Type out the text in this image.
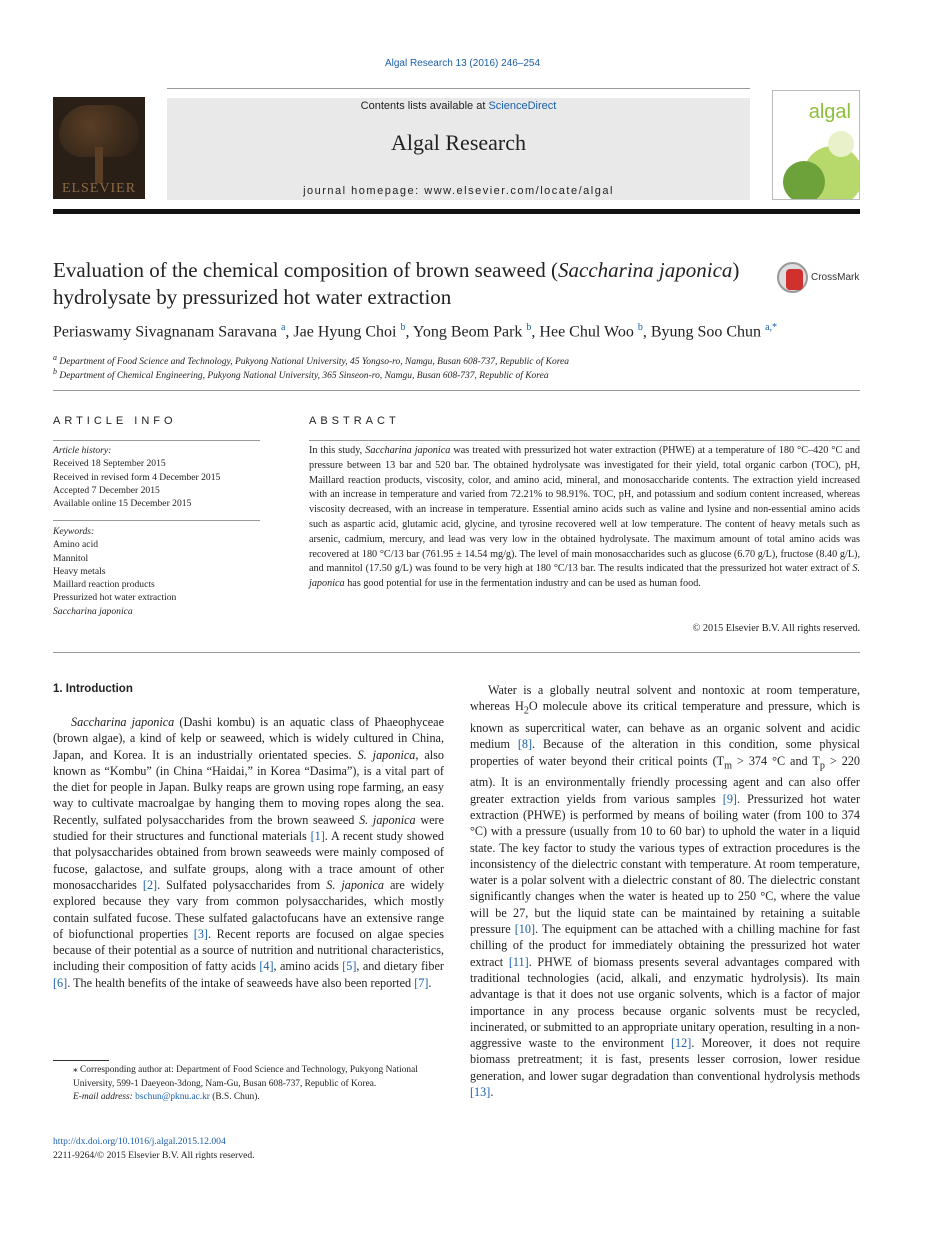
Algal Research 13 (2016) 246–254
ELSEVIER
Contents lists available at ScienceDirect
Algal Research
journal homepage: www.elsevier.com/locate/algal
algal
Evaluation of the chemical composition of brown seaweed (Saccharina japonica) hydrolysate by pressurized hot water extraction
CrossMark
Periaswamy Sivagnanam Saravana $^a$, Jae Hyung Choi $^b$, Yong Beom Park $^b$, Hee Chul Woo $^b$, Byung Soo Chun $^{a,*}$
$^a$ Department of Food Science and Technology, Pukyong National University, 45 Yongso-ro, Namgu, Busan 608-737, Republic of Korea
$^b$ Department of Chemical Engineering, Pukyong National University, 365 Sinseon-ro, Namgu, Busan 608-737, Republic of Korea
ARTICLE INFO	ABSTRACT
Article history:
Received 18 September 2015
Received in revised form 4 December 2015
Accepted 7 December 2015
Available online 15 December 2015
Keywords:
Amino acid
Mannitol
Heavy metals
Maillard reaction products
Pressurized hot water extraction
Saccharina japonica
In this study, Saccharina japonica was treated with pressurized hot water extraction (PHWE) at a temperature of 180 °C–420 °C and pressure between 13 bar and 520 bar. The obtained hydrolysate was investigated for their yield, total organic carbon (TOC), pH, Maillard reaction products, viscosity, color, and amino acid, mineral, and monosaccharide contents. The extraction yield increased with an increase in temperature and varied from 72.21% to 98.91%. TOC, pH, and potassium and sodium content increased, whereas viscosity decreased, with an increase in temperature. Essential amino acids such as valine and lysine and non-essential amino acids such as aspartic acid, glutamic acid, glycine, and tyrosine recovered well at low temperature. The content of heavy metals such as arsenic, cadmium, mercury, and lead was very low in the obtained hydrolysate. The maximum amount of total amino acids was recovered at 180 °C/13 bar (761.95 ± 14.54 mg/g). The level of main monosaccharides such as glucose (6.70 g/L), fructose (8.40 g/L), and mannitol (17.50 g/L) was found to be very high at 180 °C/13 bar. The results indicated that the pressurized hot water extract of S. japonica has good potential for use in the fermentation industry and can be used as human food.
© 2015 Elsevier B.V. All rights reserved.
1. Introduction
Saccharina japonica (Dashi kombu) is an aquatic class of Phaeophyceae (brown algae), a kind of kelp or seaweed, which is widely cultured in China, Japan, and Korea. It is an industrially orientated species. S. japonica, also known as “Kombu” (in China “Haidai,” in Korea “Dasima”), is a vital part of the diet for people in Japan. Bulky reaps are grown using rope farming, an easy way to cultivate macroalgae by hanging them to moving ropes along the sea. Recently, sulfated polysaccharides from the brown seaweed S. japonica were studied for their structures and functional materials [1]. A recent study showed that polysaccharides obtained from brown seaweeds were mainly composed of fucose, galactose, and sulfate groups, along with a trace amount of other monosaccharides [2]. Sulfated polysaccharides from S. japonica are widely explored because they vary from common polysaccharides, which mostly contain sulfated fucose. These sulfated galactofucans have an extensive range of biofunctional properties [3]. Recent reports are focused on algae species because of their potential as a source of nutrition and nutritional characteristics, including their composition of fatty acids [4], amino acids [5], and dietary fiber [6]. The health benefits of the intake of seaweeds have also been reported [7].
Water is a globally neutral solvent and nontoxic at room temperature, whereas $H_2O$ molecule above its critical temperature and pressure, which is known as supercritical water, can behave as an organic solvent and acidic medium [8]. Because of the alteration in this condition, some physical properties of water beyond their critical points ($T_m > 374$ °C and $T_p > 220$ atm). It is an environmentally friendly processing agent and can also offer greater extraction yields from various samples [9]. Pressurized hot water extraction (PHWE) is performed by means of boiling water (from 100 to 374 °C) with a pressure (usually from 10 to 60 bar) to uphold the water in a liquid state. The key factor to study the various types of extraction procedures is the inconsistency of the dielectric constant with temperature. At room temperature, water is a polar solvent with a dielectric constant of 80. The dielectric constant significantly changes when the water is heated up to 250 °C, where the value will be 27, but the liquid state can be maintained by retaining a suitable pressure [10]. The equipment can be attached with a chilling machine for fast chilling of the product for immediately obtaining the pressurized hot water extract [11]. PHWE of biomass presents several advantages compared with traditional technologies (acid, alkali, and enzymatic hydrolysis). Its main advantage is that it does not use organic solvents, which is a factor of major importance in any process because organic solvents must be recycled, incinerated, or submitted to an appropriate unitary operation, resulting in a non-aggressive waste to the environment [12]. Moreover, it does not require biomass pretreatment; it is fast, presents lesser corrosion, lower residue generation, and lower sugar degradation than conventional hydrolysis methods [13].
⁎ Corresponding author at: Department of Food Science and Technology, Pukyong National University, 599-1 Daeyeon-3dong, Nam-Gu, Busan 608-737, Republic of Korea.
E-mail address: bschun@pknu.ac.kr (B.S. Chun).
http://dx.doi.org/10.1016/j.algal.2015.12.004
2211-9264/© 2015 Elsevier B.V. All rights reserved.
